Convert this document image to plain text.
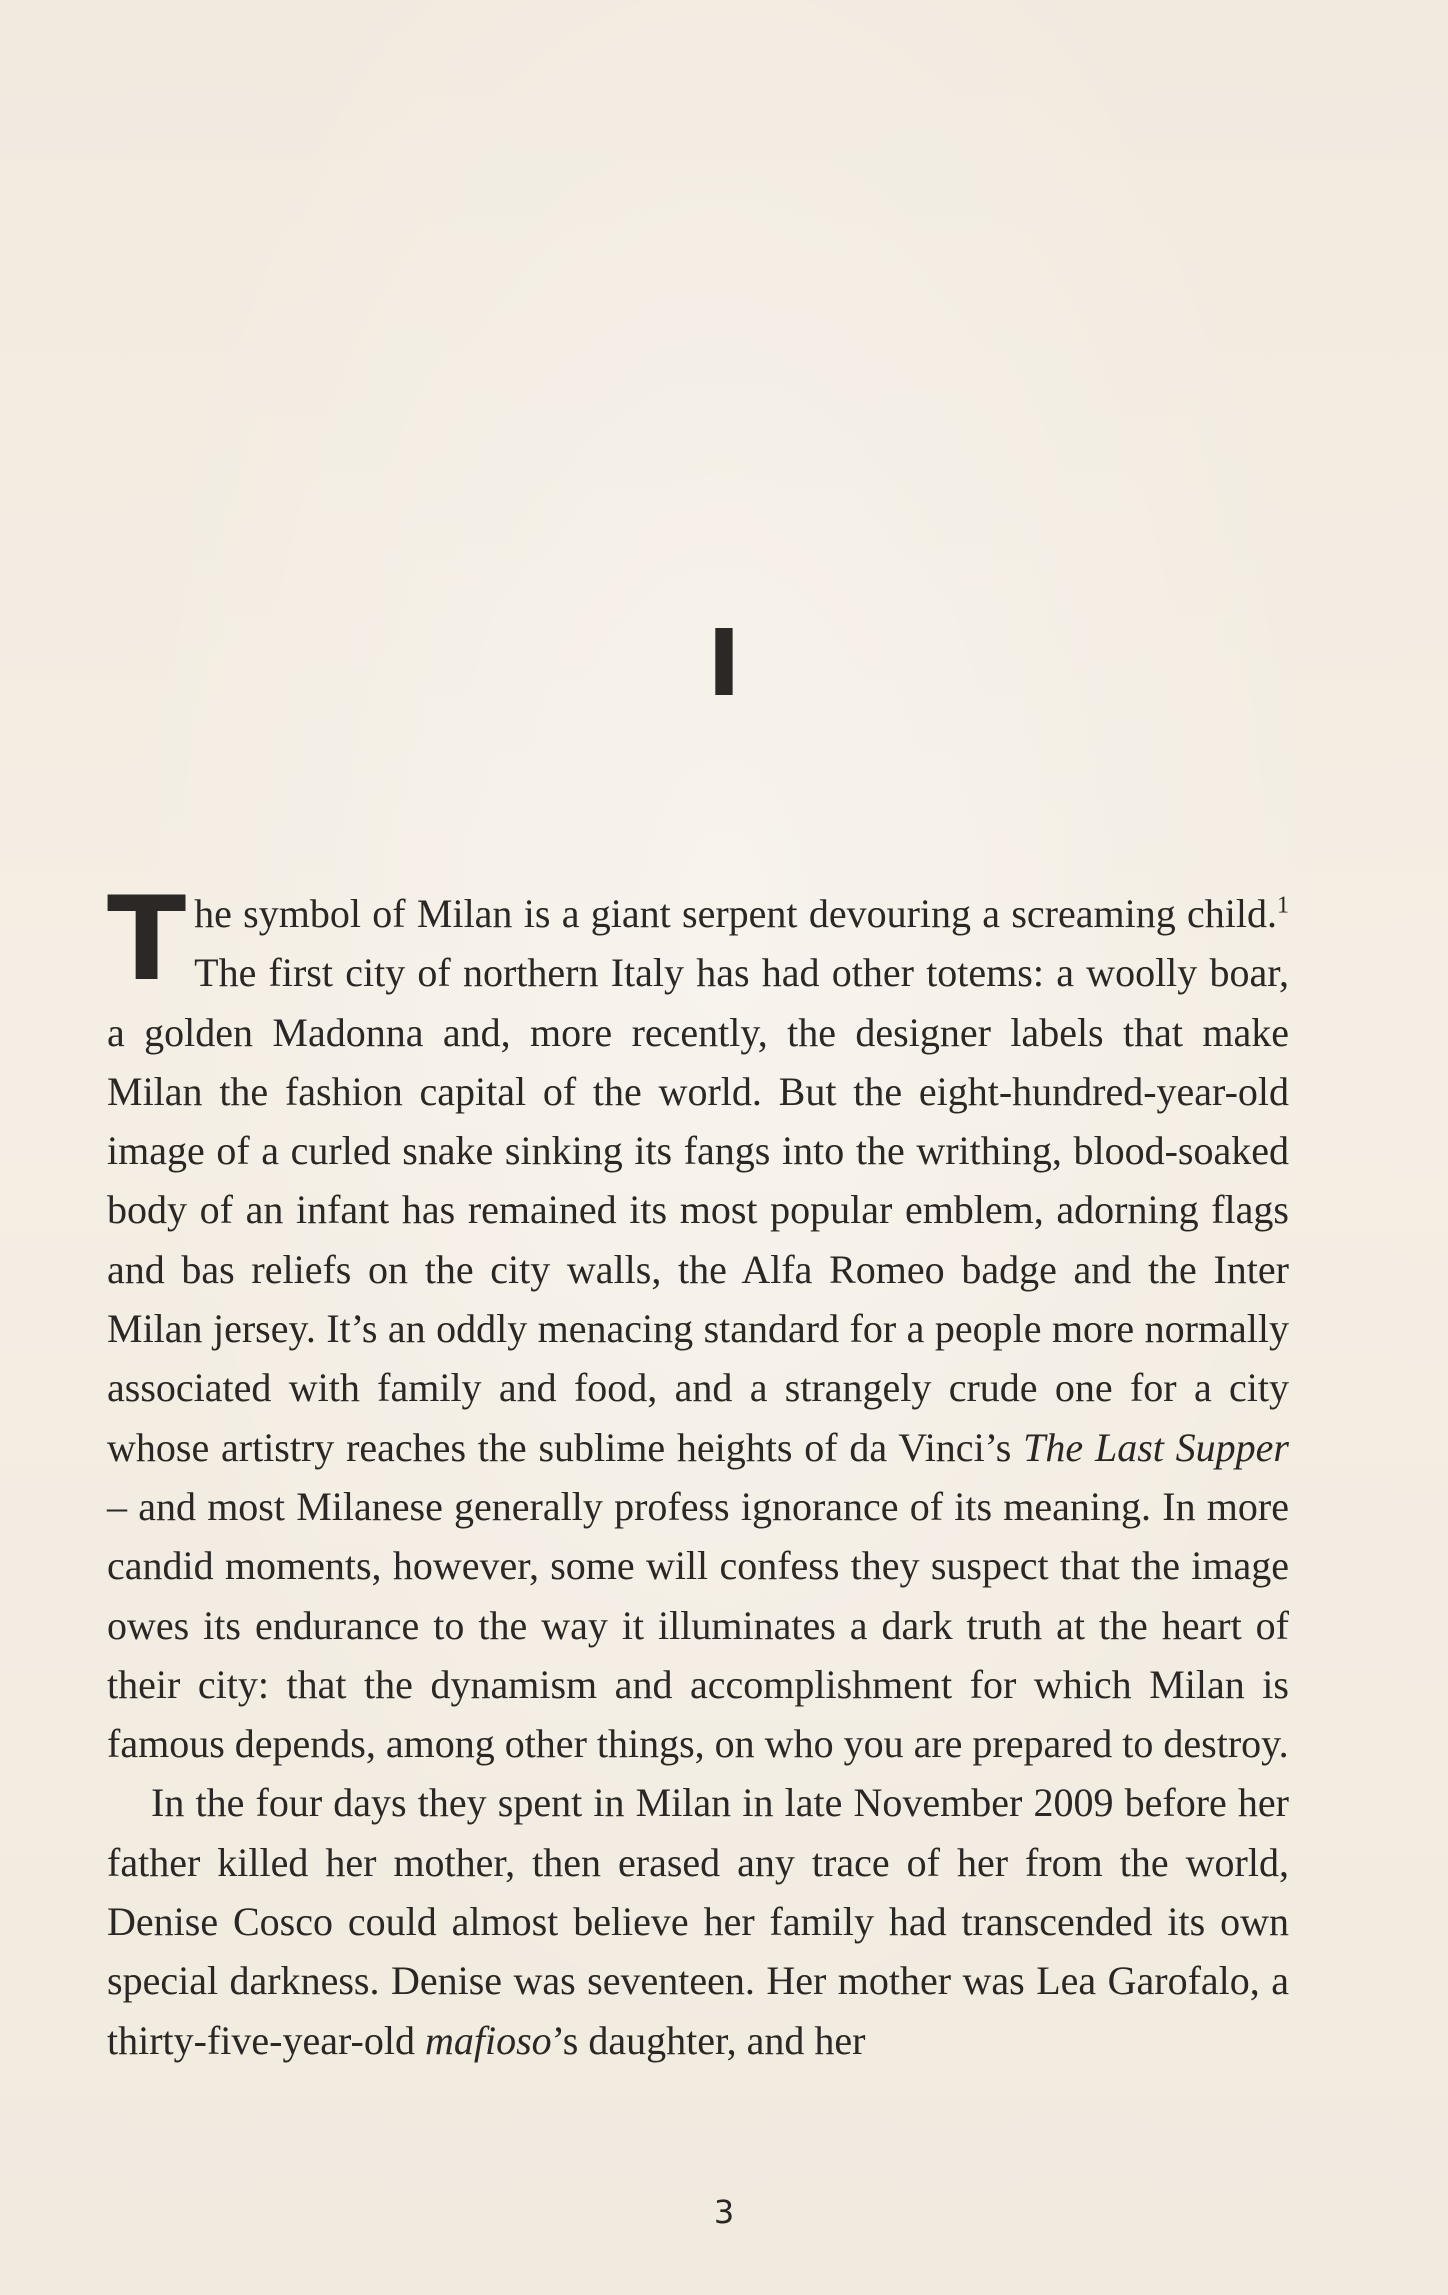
I

The symbol of Milan is a giant serpent devouring a screaming child.$^1$ The first city of northern Italy has had other totems: a woolly boar, a golden Madonna and, more recently, the designer labels that make Milan the fashion capital of the world. But the eight-hundred-year-old image of a curled snake sinking its fangs into the writhing, blood-soaked body of an infant has remained its most popular emblem, adorning flags and bas reliefs on the city walls, the Alfa Romeo badge and the Inter Milan jersey. It’s an oddly menacing standard for a people more normally associated with family and food, and a strangely crude one for a city whose artistry reaches the sublime heights of da Vinci’s The Last Supper – and most Milanese generally profess ignorance of its meaning. In more candid moments, however, some will confess they suspect that the image owes its endurance to the way it illuminates a dark truth at the heart of their city: that the dynamism and accomplishment for which Milan is famous depends, among other things, on who you are prepared to destroy.

In the four days they spent in Milan in late November 2009 before her father killed her mother, then erased any trace of her from the world, Denise Cosco could almost believe her family had transcended its own special darkness. Denise was seventeen. Her mother was Lea Garofalo, a thirty-five-year-old mafioso’s daughter, and her

3
